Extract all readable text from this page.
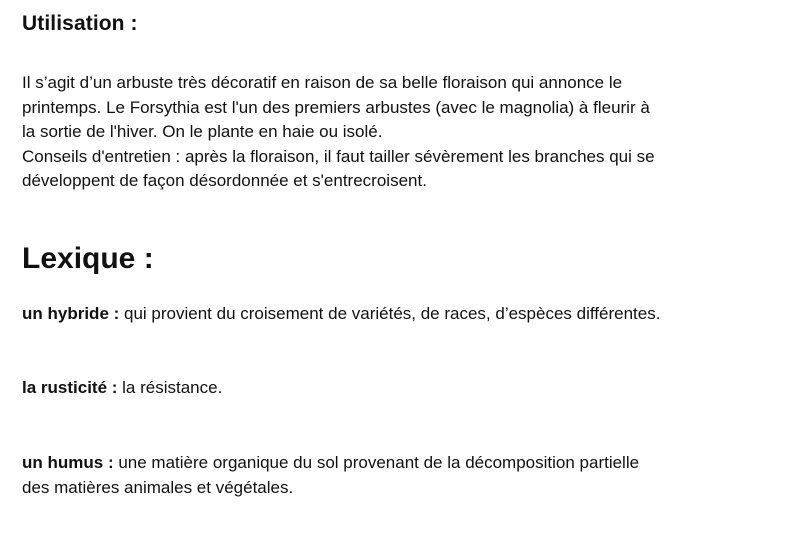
Utilisation :
Il s’agit d’un arbuste très décoratif en raison de sa belle floraison qui annonce le
printemps. Le Forsythia est l'un des premiers arbustes (avec le magnolia) à fleurir à
la sortie de l'hiver. On le plante en haie ou isolé.
Conseils d'entretien : après la floraison, il faut tailler sévèrement les branches qui se
développent de façon désordonnée et s'entrecroisent.
Lexique :
un hybride : qui provient du croisement de variétés, de races, d’espèces différentes.
la rusticité : la résistance.
un humus : une matière organique du sol provenant de la décomposition partielle
des matières animales et végétales.
